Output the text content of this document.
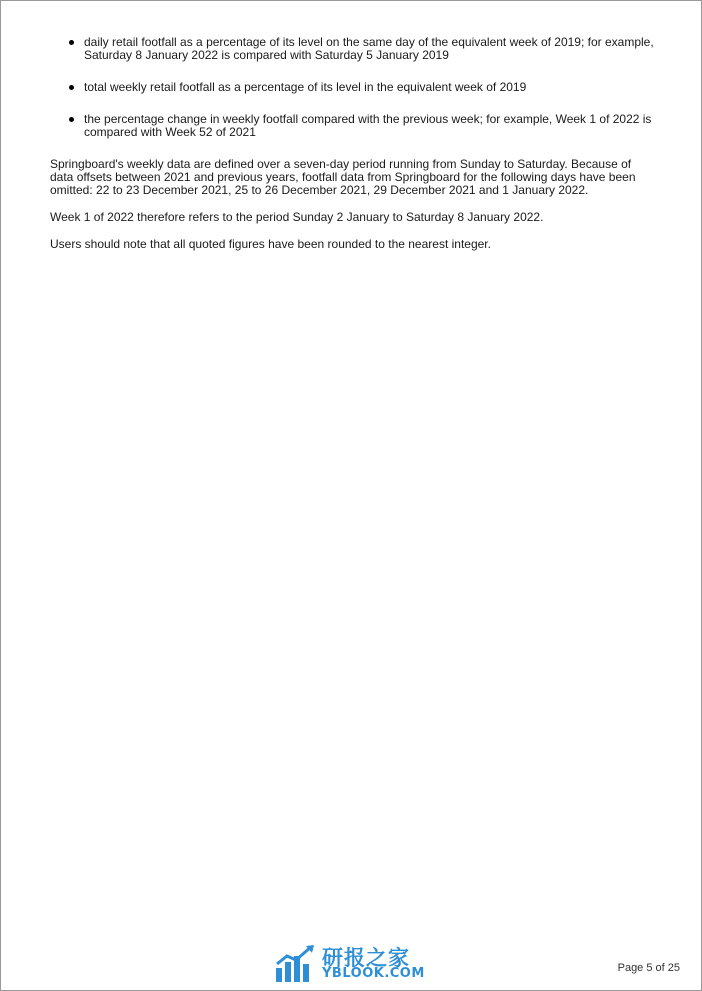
daily retail footfall as a percentage of its level on the same day of the equivalent week of 2019; for example, Saturday 8 January 2022 is compared with Saturday 5 January 2019
total weekly retail footfall as a percentage of its level in the equivalent week of 2019
the percentage change in weekly footfall compared with the previous week; for example, Week 1 of 2022 is compared with Week 52 of 2021

Springboard's weekly data are defined over a seven-day period running from Sunday to Saturday. Because of data offsets between 2021 and previous years, footfall data from Springboard for the following days have been omitted: 22 to 23 December 2021, 25 to 26 December 2021, 29 December 2021 and 1 January 2022.

Week 1 of 2022 therefore refers to the period Sunday 2 January to Saturday 8 January 2022.

Users should note that all quoted figures have been rounded to the nearest integer.

研报之家
YBLOOK.COM	Page 5 of 25
